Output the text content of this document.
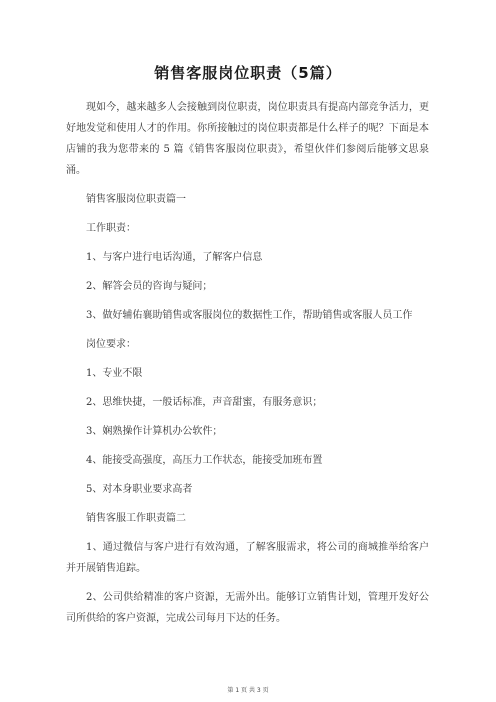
销售客服岗位职责（5篇）

现如今，越来越多人会接触到岗位职责，岗位职责具有提高内部竞争活力，更好地发觉和使用人才的作用。你所接触过的岗位职责都是什么样子的呢？下面是本店铺的我为您带来的 5 篇《销售客服岗位职责》，希望伙伴们参阅后能够文思泉涌。

销售客服岗位职责篇一

工作职责：

1、与客户进行电话沟通，了解客户信息

2、解答会员的咨询与疑问；

3、做好辅佑襄助销售或客服岗位的数据性工作，帮助销售或客服人员工作

岗位要求：

1、专业不限

2、思维快捷，一般话标准，声音甜蜜，有服务意识；

3、娴熟操作计算机办公软件；

4、能接受高强度，高压力工作状态，能接受加班布置

5、对本身职业要求高者

销售客服工作职责篇二

1、通过微信与客户进行有效沟通，了解客服需求，将公司的商城推举给客户并开展销售追踪。

2、公司供给精准的客户资源，无需外出。能够订立销售计划，管理开发好公司所供给的客户资源，完成公司每月下达的任务。

第 1 页 共 3 页
